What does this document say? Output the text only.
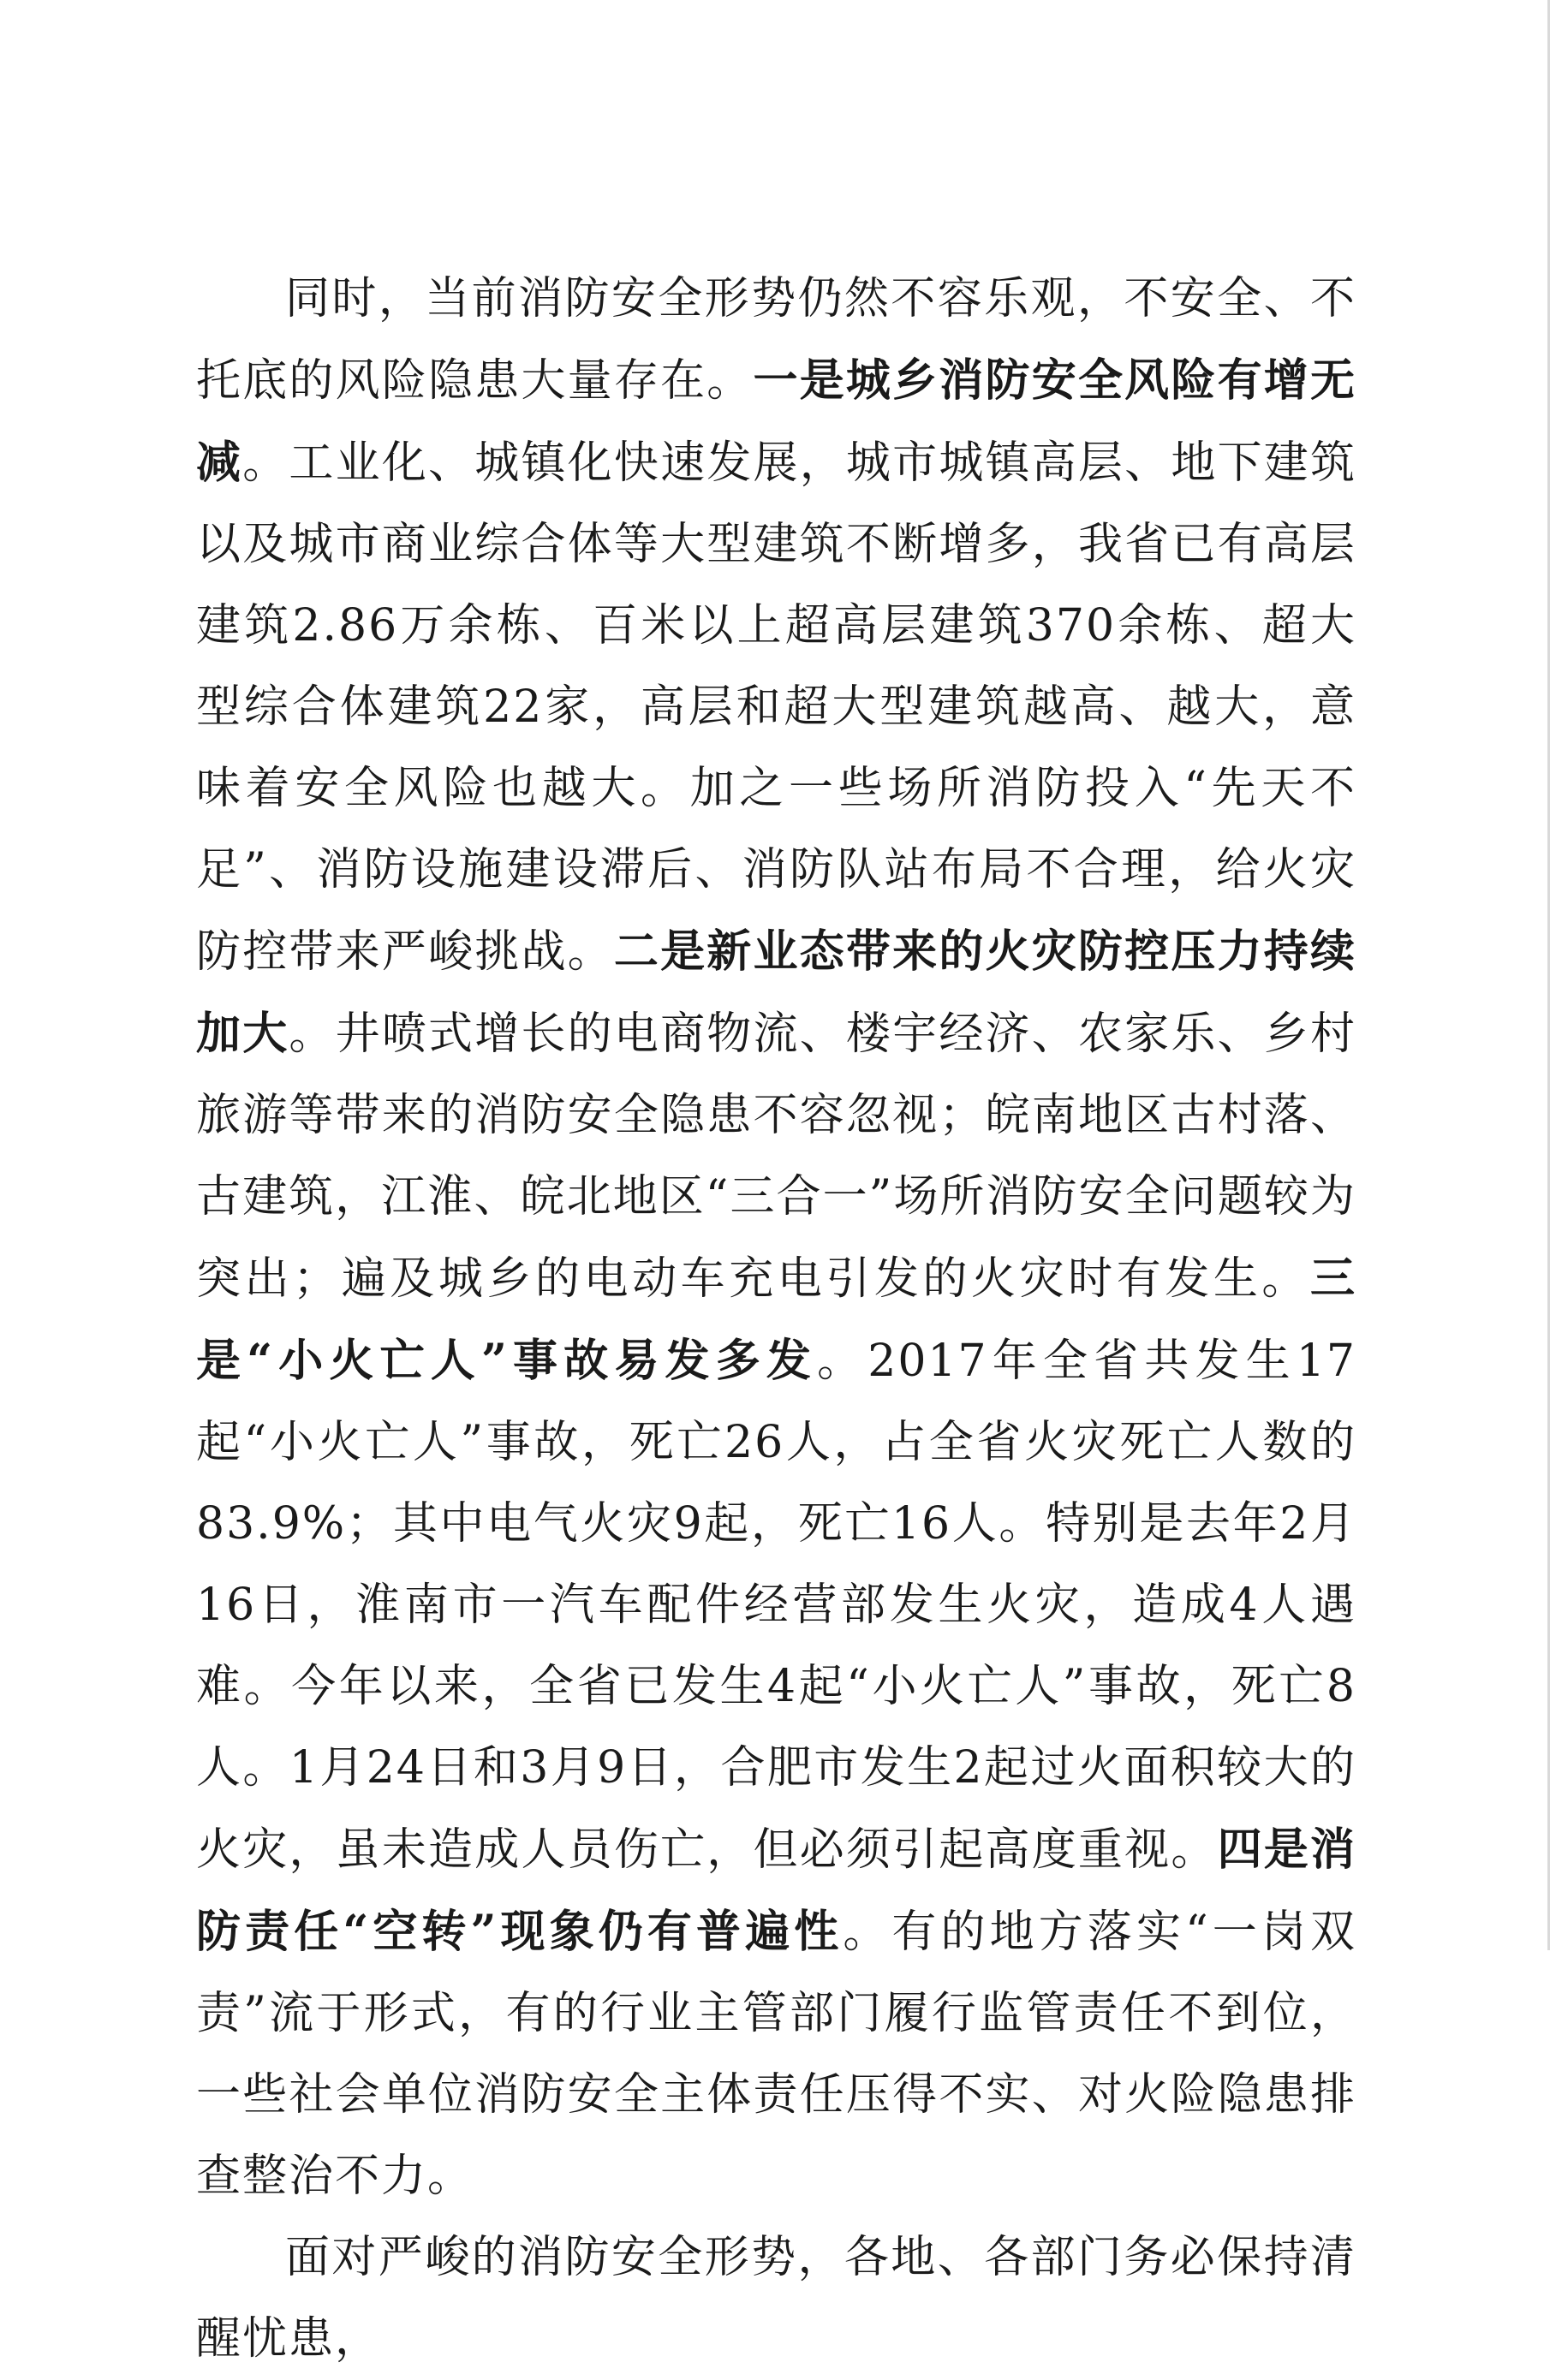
同时，当前消防安全形势仍然不容乐观，不安全、不托底的风险隐患大量存在。一是城乡消防安全风险有增无减。工业化、城镇化快速发展，城市城镇高层、地下建筑以及城市商业综合体等大型建筑不断增多，我省已有高层建筑2.86万余栋、百米以上超高层建筑370余栋、超大型综合体建筑22家，高层和超大型建筑越高、越大，意味着安全风险也越大。加之一些场所消防投入“先天不足”、消防设施建设滞后、消防队站布局不合理，给火灾防控带来严峻挑战。二是新业态带来的火灾防控压力持续加大。井喷式增长的电商物流、楼宇经济、农家乐、乡村旅游等带来的消防安全隐患不容忽视；皖南地区古村落、古建筑，江淮、皖北地区“三合一”场所消防安全问题较为突出；遍及城乡的电动车充电引发的火灾时有发生。三是“小火亡人”事故易发多发。2017年全省共发生17起“小火亡人”事故，死亡26人，占全省火灾死亡人数的83.9%；其中电气火灾9起，死亡16人。特别是去年2月16日，淮南市一汽车配件经营部发生火灾，造成4人遇难。今年以来，全省已发生4起“小火亡人”事故，死亡8人。1月24日和3月9日，合肥市发生2起过火面积较大的火灾，虽未造成人员伤亡，但必须引起高度重视。四是消防责任“空转”现象仍有普遍性。有的地方落实“一岗双责”流于形式，有的行业主管部门履行监管责任不到位，一些社会单位消防安全主体责任压得不实、对火险隐患排查整治不力。

面对严峻的消防安全形势，各地、各部门务必保持清醒忧患，
